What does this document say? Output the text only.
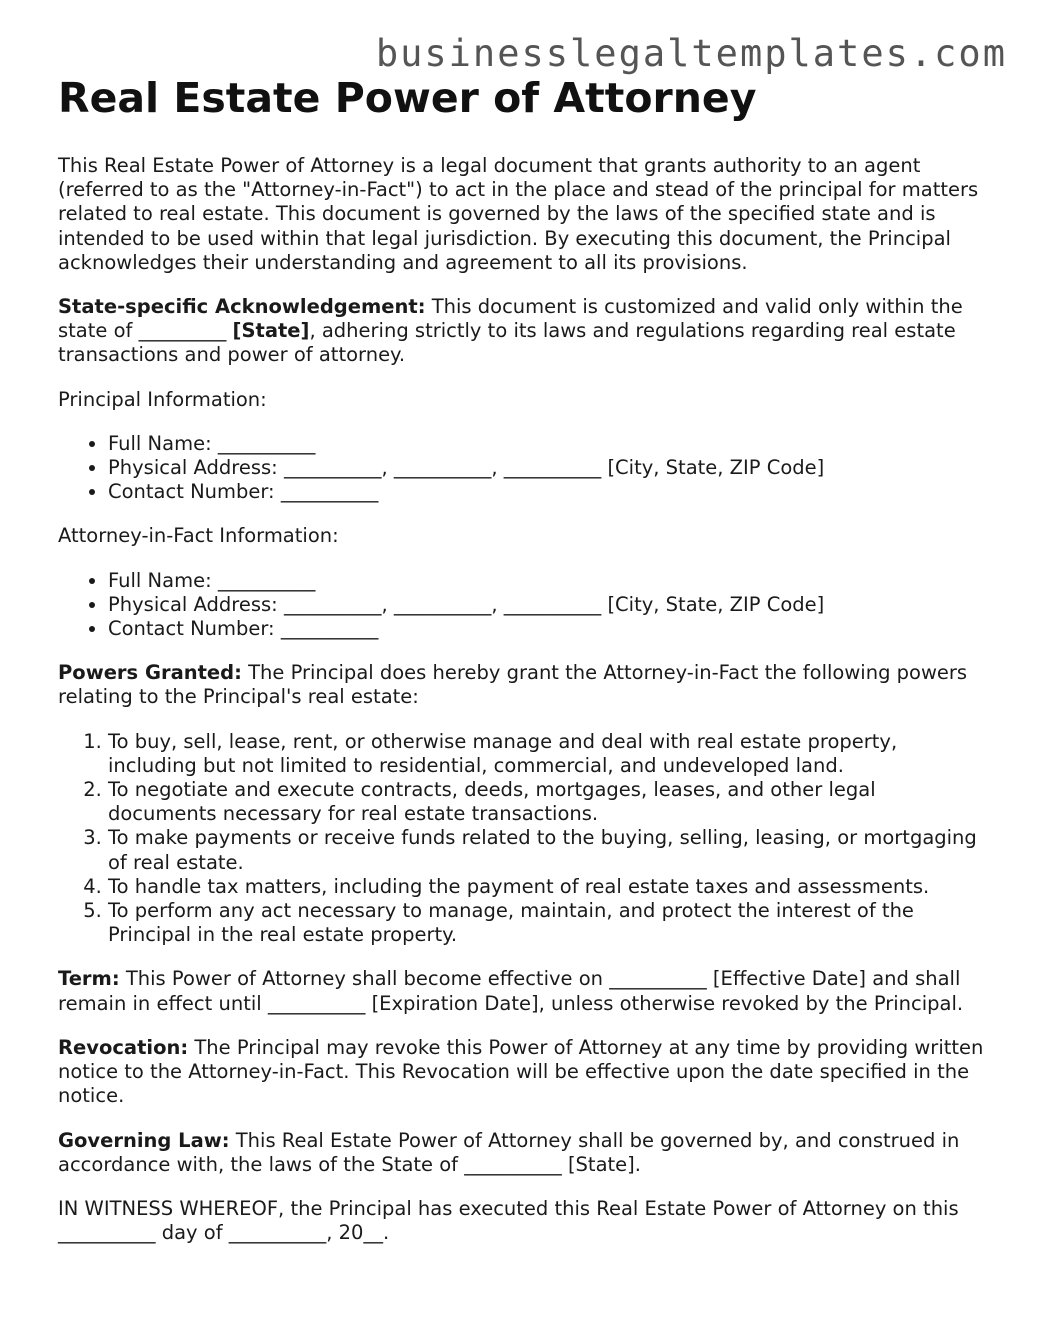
businesslegaltemplates.com
Real Estate Power of Attorney

This Real Estate Power of Attorney is a legal document that grants authority to an agent (referred to as the "Attorney-in-Fact") to act in the place and stead of the principal for matters related to real estate. This document is governed by the laws of the specified state and is intended to be used within that legal jurisdiction. By executing this document, the Principal acknowledges their understanding and agreement to all its provisions.

State-specific Acknowledgement: This document is customized and valid only within the state of _________ [State], adhering strictly to its laws and regulations regarding real estate transactions and power of attorney.

Principal Information:

• Full Name: __________
• Physical Address: __________, __________, __________ [City, State, ZIP Code]
• Contact Number: __________

Attorney-in-Fact Information:

• Full Name: __________
• Physical Address: __________, __________, __________ [City, State, ZIP Code]
• Contact Number: __________

Powers Granted: The Principal does hereby grant the Attorney-in-Fact the following powers relating to the Principal's real estate:

1. To buy, sell, lease, rent, or otherwise manage and deal with real estate property, including but not limited to residential, commercial, and undeveloped land.
2. To negotiate and execute contracts, deeds, mortgages, leases, and other legal documents necessary for real estate transactions.
3. To make payments or receive funds related to the buying, selling, leasing, or mortgaging of real estate.
4. To handle tax matters, including the payment of real estate taxes and assessments.
5. To perform any act necessary to manage, maintain, and protect the interest of the Principal in the real estate property.

Term: This Power of Attorney shall become effective on __________ [Effective Date] and shall remain in effect until __________ [Expiration Date], unless otherwise revoked by the Principal.

Revocation: The Principal may revoke this Power of Attorney at any time by providing written notice to the Attorney-in-Fact. This Revocation will be effective upon the date specified in the notice.

Governing Law: This Real Estate Power of Attorney shall be governed by, and construed in accordance with, the laws of the State of __________ [State].

IN WITNESS WHEREOF, the Principal has executed this Real Estate Power of Attorney on this __________ day of __________, 20__.
